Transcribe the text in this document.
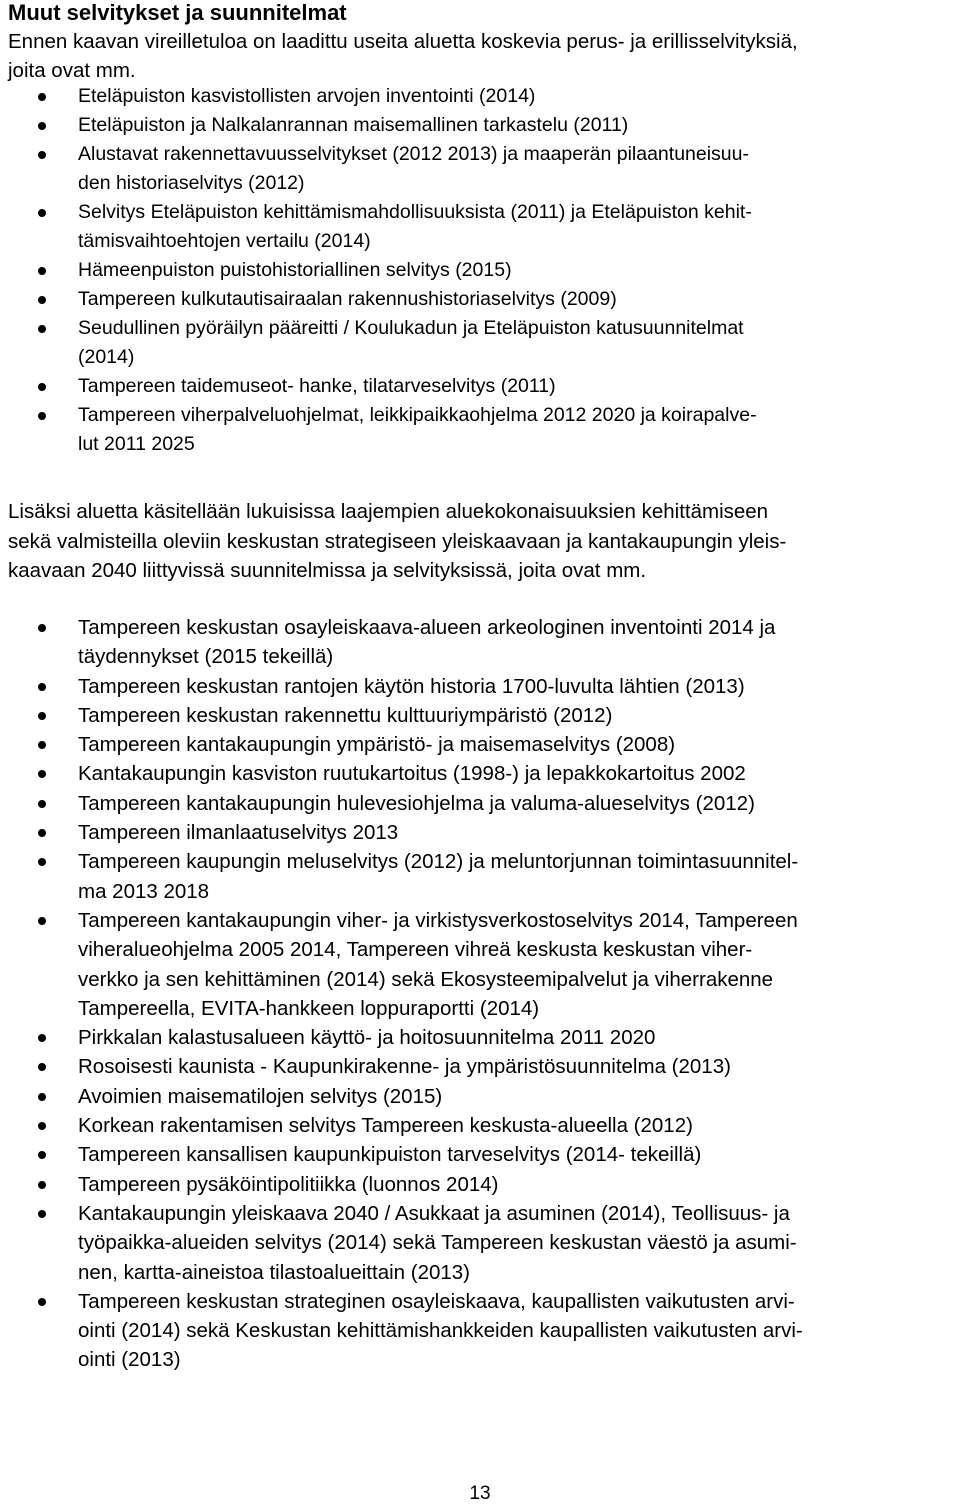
Muut selvitykset ja suunnitelmat
Ennen kaavan vireilletuloa on laadittu useita aluetta koskevia perus- ja erillisselvityksiä,
joita ovat mm.
Eteläpuiston kasvistollisten arvojen inventointi (2014)
Eteläpuiston ja Nalkalanrannan maisemallinen tarkastelu (2011)
Alustavat rakennettavuusselvitykset (2012 2013) ja maaperän pilaantuneisuu-
den historiaselvitys (2012)
Selvitys Eteläpuiston kehittämismahdollisuuksista (2011) ja Eteläpuiston kehit-
tämisvaihtoehtojen vertailu (2014)
Hämeenpuiston puistohistoriallinen selvitys (2015)
Tampereen kulkutautisairaalan rakennushistoriaselvitys (2009)
Seudullinen pyöräilyn pääreitti / Koulukadun ja Eteläpuiston katusuunnitelmat
(2014)
Tampereen taidemuseot- hanke, tilatarveselvitys (2011)
Tampereen viherpalveluohjelmat, leikkipaikkaohjelma 2012 2020 ja koirapalve-
lut 2011 2025
Lisäksi aluetta käsitellään lukuisissa laajempien aluekokonaisuuksien kehittämiseen
sekä valmisteilla oleviin keskustan strategiseen yleiskaavaan ja kantakaupungin yleis-
kaavaan 2040 liittyvissä suunnitelmissa ja selvityksissä, joita ovat mm.
Tampereen keskustan osayleiskaava-alueen arkeologinen inventointi 2014 ja
täydennykset (2015 tekeillä)
Tampereen keskustan rantojen käytön historia 1700-luvulta lähtien (2013)
Tampereen keskustan rakennettu kulttuuriympäristö (2012)
Tampereen kantakaupungin ympäristö- ja maisemaselvitys (2008)
Kantakaupungin kasviston ruutukartoitus (1998-) ja lepakkokartoitus 2002
Tampereen kantakaupungin hulevesiohjelma ja valuma-alueselvitys (2012)
Tampereen ilmanlaatuselvitys 2013
Tampereen kaupungin meluselvitys (2012) ja meluntorjunnan toimintasuunnitel-
ma 2013 2018
Tampereen kantakaupungin viher- ja virkistysverkostoselvitys 2014, Tampereen
viheralueohjelma 2005 2014, Tampereen vihreä keskusta keskustan viher-
verkko ja sen kehittäminen (2014) sekä Ekosysteemipalvelut ja viherrakenne
Tampereella, EVITA-hankkeen loppuraportti (2014)
Pirkkalan kalastusalueen käyttö- ja hoitosuunnitelma 2011 2020
Rosoisesti kaunista - Kaupunkirakenne- ja ympäristösuunnitelma (2013)
Avoimien maisematilojen selvitys (2015)
Korkean rakentamisen selvitys Tampereen keskusta-alueella (2012)
Tampereen kansallisen kaupunkipuiston tarveselvitys (2014- tekeillä)
Tampereen pysäköintipolitiikka (luonnos 2014)
Kantakaupungin yleiskaava 2040 / Asukkaat ja asuminen (2014), Teollisuus- ja
työpaikka-alueiden selvitys (2014) sekä Tampereen keskustan väestö ja asumi-
nen, kartta-aineistoa tilastoalueittain (2013)
Tampereen keskustan strateginen osayleiskaava, kaupallisten vaikutusten arvi-
ointi (2014) sekä Keskustan kehittämishankkeiden kaupallisten vaikutusten arvi-
ointi (2013)
13
